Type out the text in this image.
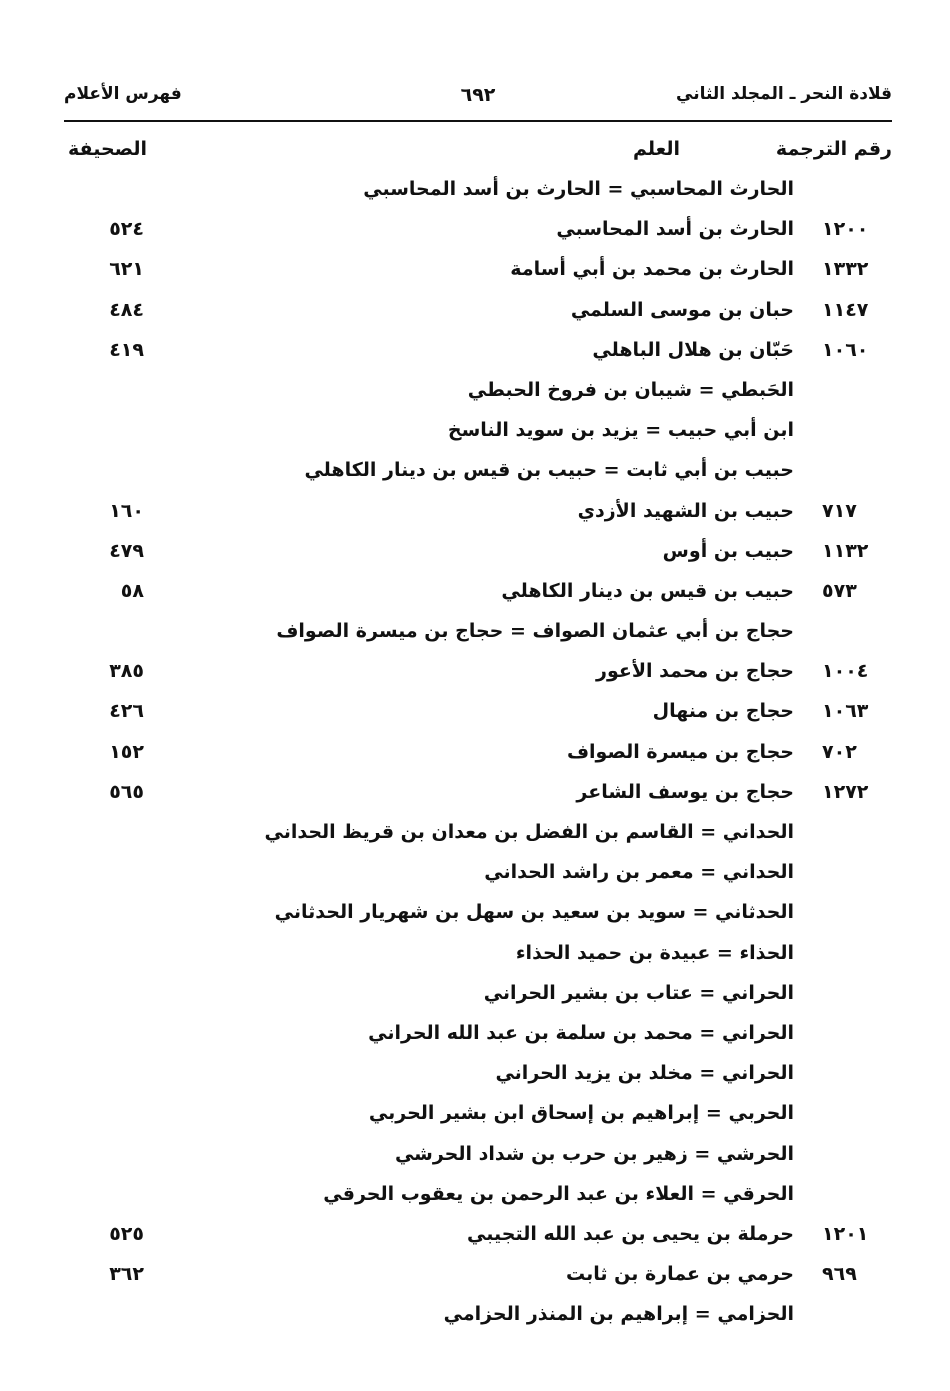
قلادة النحر ـ المجلد الثاني
٦٩٢
فهرس الأعلام
رقم الترجمة
العلم
الصحيفة
الحارث المحاسبي = الحارث بن أسد المحاسبي
١٢٠٠
الحارث بن أسد المحاسبي
٥٢٤
١٣٣٢
الحارث بن محمد بن أبي أسامة
٦٢١
١١٤٧
حبان بن موسى السلمي
٤٨٤
١٠٦٠
حَبّان بن هلال الباهلي
٤١٩
الحَبطي = شيبان بن فروخ الحبطي
ابن أبي حبيب = يزيد بن سويد الناسخ
حبيب بن أبي ثابت = حبيب بن قيس بن دينار الكاهلي
٧١٧
حبيب بن الشهيد الأزدي
١٦٠
١١٣٢
حبيب بن أوس
٤٧٩
٥٧٣
حبيب بن قيس بن دينار الكاهلي
٥٨
حجاج بن أبي عثمان الصواف = حجاج بن ميسرة الصواف
١٠٠٤
حجاج بن محمد الأعور
٣٨٥
١٠٦٣
حجاج بن منهال
٤٢٦
٧٠٢
حجاج بن ميسرة الصواف
١٥٢
١٢٧٢
حجاج بن يوسف الشاعر
٥٦٥
الحداني = القاسم بن الفضل بن معدان بن قريظ الحداني
الحداني = معمر بن راشد الحداني
الحدثاني = سويد بن سعيد بن سهل بن شهريار الحدثاني
الحذاء = عبيدة بن حميد الحذاء
الحراني = عتاب بن بشير الحراني
الحراني = محمد بن سلمة بن عبد الله الحراني
الحراني = مخلد بن يزيد الحراني
الحربي = إبراهيم بن إسحاق ابن بشير الحربي
الحرشي = زهير بن حرب بن شداد الحرشي
الحرقي = العلاء بن عبد الرحمن بن يعقوب الحرقي
١٢٠١
حرملة بن يحيى بن عبد الله التجيبي
٥٢٥
٩٦٩
حرمي بن عمارة بن ثابت
٣٦٢
الحزامي = إبراهيم بن المنذر الحزامي
